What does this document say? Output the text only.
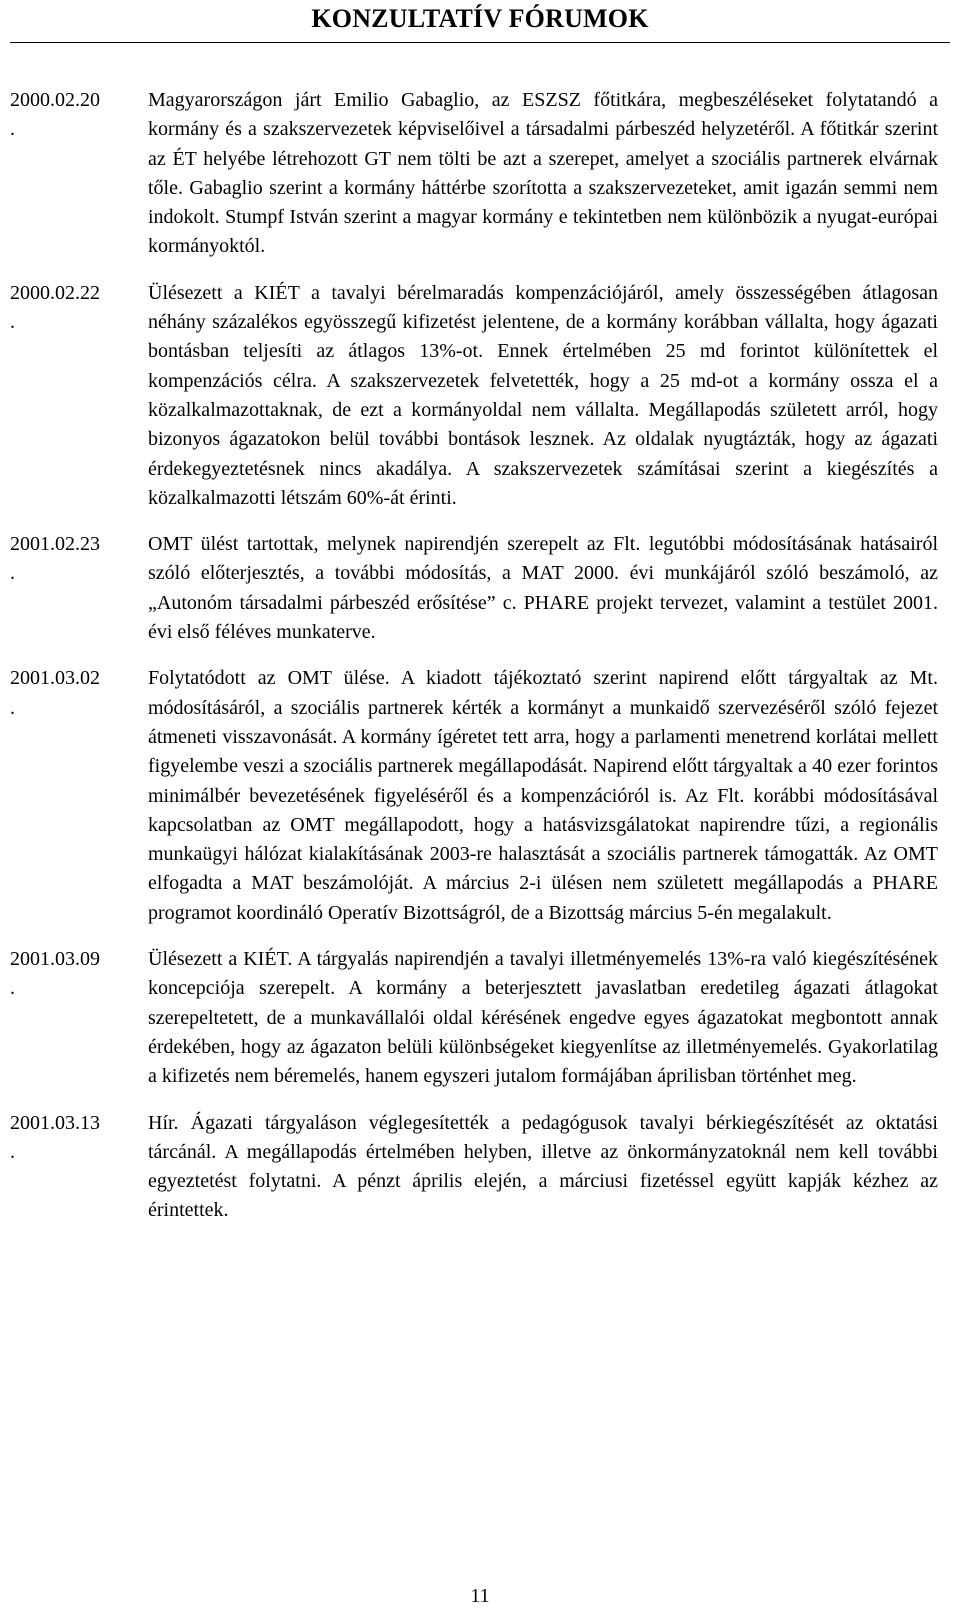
KONZULTATÍV FÓRUMOK
2000.02.20
.
Magyarországon járt Emilio Gabaglio, az ESZSZ főtitkára, megbeszéléseket folytatandó a kormány és a szakszervezetek képviselőivel a társadalmi párbeszéd helyzetéről. A főtitkár szerint az ÉT helyébe létrehozott GT nem tölti be azt a szerepet, amelyet a szociális partnerek elvárnak tőle. Gabaglio szerint a kormány háttérbe szorította a szakszervezeteket, amit igazán semmi nem indokolt. Stumpf István szerint a magyar kormány e tekintetben nem különbözik a nyugat-európai kormányoktól.
2000.02.22
.
Ülésezett a KIÉT a tavalyi bérelmaradás kompenzációjáról, amely összességében átlagosan néhány százalékos egyösszegű kifizetést jelentene, de a kormány korábban vállalta, hogy ágazati bontásban teljesíti az átlagos 13%-ot. Ennek értelmében 25 md forintot különítettek el kompenzációs célra. A szakszervezetek felvetették, hogy a 25 md-ot a kormány ossza el a közalkalmazottaknak, de ezt a kormányoldal nem vállalta. Megállapodás született arról, hogy bizonyos ágazatokon belül további bontások lesznek. Az oldalak nyugtázták, hogy az ágazati érdekegyeztetésnek nincs akadálya. A szakszervezetek számításai szerint a kiegészítés a közalkalmazotti létszám 60%-át érinti.
2001.02.23
.
OMT ülést tartottak, melynek napirendjén szerepelt az Flt. legutóbbi módosításának hatásairól szóló előterjesztés, a további módosítás, a MAT 2000. évi munkájáról szóló beszámoló, az „Autonóm társadalmi párbeszéd erősítése” c. PHARE projekt tervezet, valamint a testület 2001. évi első féléves munkaterve.
2001.03.02
.
Folytatódott az OMT ülése. A kiadott tájékoztató szerint napirend előtt tárgyaltak az Mt. módosításáról, a szociális partnerek kérték a kormányt a munkaidő szervezéséről szóló fejezet átmeneti visszavonását. A kormány ígéretet tett arra, hogy a parlamenti menetrend korlátai mellett figyelembe veszi a szociális partnerek megállapodását. Napirend előtt tárgyaltak a 40 ezer forintos minimálbér bevezetésének figyeléséről és a kompenzációról is. Az Flt. korábbi módosításával kapcsolatban az OMT megállapodott, hogy a hatásvizsgálatokat napirendre tűzi, a regionális munkaügyi hálózat kialakításának 2003-re halasztását a szociális partnerek támogatták. Az OMT elfogadta a MAT beszámolóját. A március 2-i ülésen nem született megállapodás a PHARE programot koordináló Operatív Bizottságról, de a Bizottság március 5-én megalakult.
2001.03.09
.
Ülésezett a KIÉT. A tárgyalás napirendjén a tavalyi illetményemelés 13%-ra való kiegészítésének koncepciója szerepelt. A kormány a beterjesztett javaslatban eredetileg ágazati átlagokat szerepeltetett, de a munkavállalói oldal kérésének engedve egyes ágazatokat megbontott annak érdekében, hogy az ágazaton belüli különbségeket kiegyenlítse az illetményemelés. Gyakorlatilag a kifizetés nem béremelés, hanem egyszeri jutalom formájában áprilisban történhet meg.
2001.03.13
.
Hír. Ágazati tárgyaláson véglegesítették a pedagógusok tavalyi bérkiegészítését az oktatási tárcánál. A megállapodás értelmében helyben, illetve az önkormányzatoknál nem kell további egyeztetést folytatni. A pénzt április elején, a márciusi fizetéssel együtt kapják kézhez az érintettek.
11
